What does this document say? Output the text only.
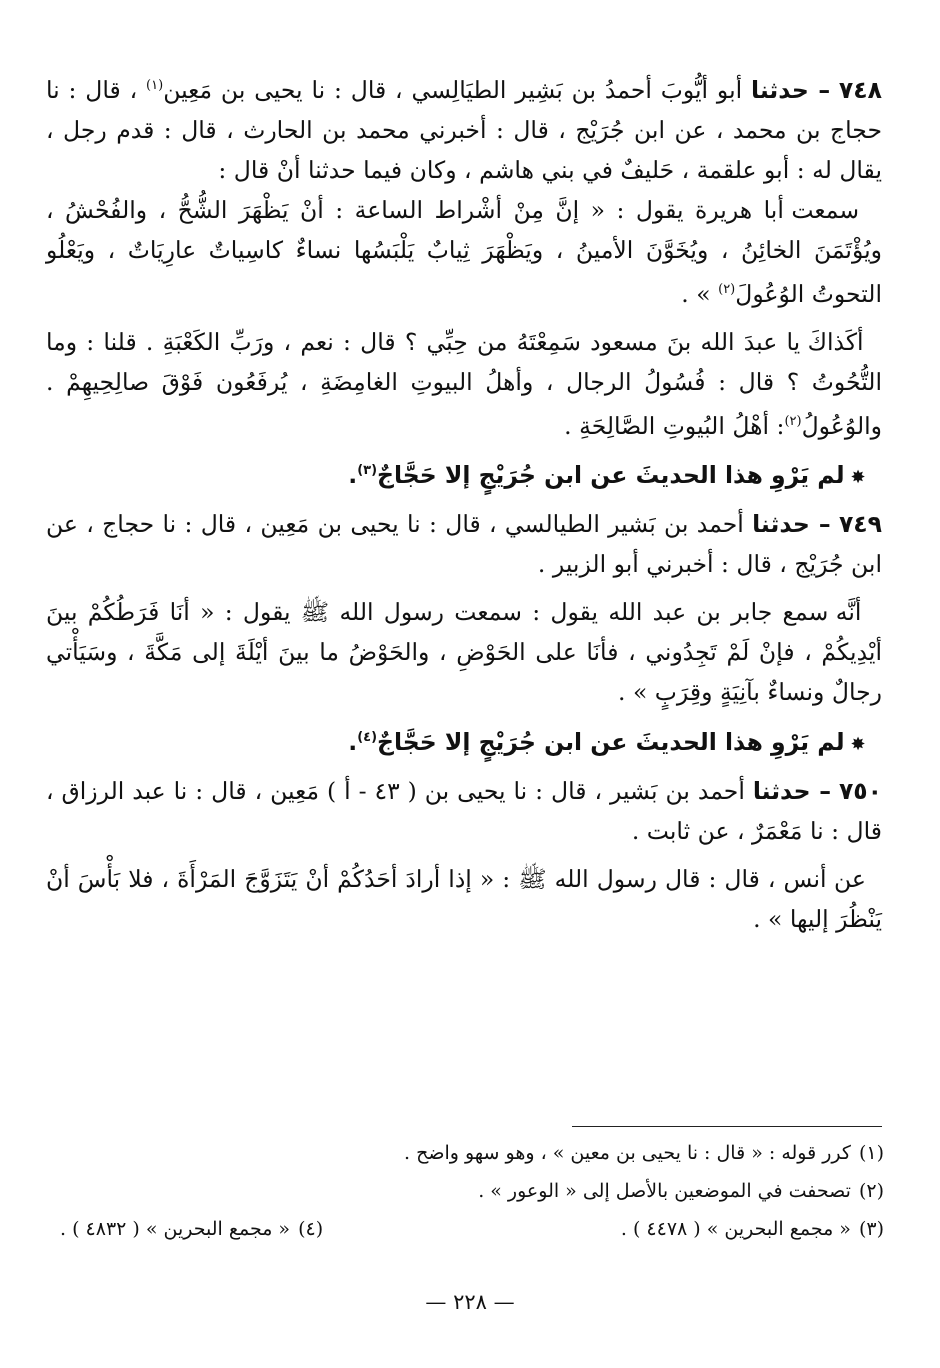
٧٤٨ – حدثنا أبو أيُّوبَ أحمدُ بن بَشِير الطيَالِسي ، قال : نا يحيى بن مَعِين$^{(١)}$ ، قال : نا حجاج بن محمد ، عن ابن جُرَيْج ، قال : أخبرني محمد بن الحارث ، قال : قدم رجل ، يقال له : أبو علقمة ، حَليفٌ في بني هاشم ، وكان فيما حدثنا أنْ قال :

سمعت أبا هريرة يقول : « إنَّ مِنْ أشْراط الساعة : أنْ يَظْهَرَ الشُّحُّ ، والفُحْشُ ، ويُؤْتَمَنَ الخائِنُ ، ويُخَوَّنَ الأمينُ ، ويَظْهَرَ ثِيابٌ يَلْبَسُها نساءٌ كاسِياتٌ عارِيَاتٌ ، ويَعْلُو التحوتُ الوُعُولَ$^{(٢)}$ » .

أكَذاكَ يا عبدَ الله بنَ مسعود سَمِعْتَهُ من حِبِّي ؟ قال : نعم ، ورَبِّ الكَعْبَةِ . قلنا : وما التُّحُوتُ ؟ قال : فُسُولُ الرجال ، وأهلُ البيوتِ الغامِضَةِ ، يُرفَعُون فَوْقَ صالِحِيهِمْ . والوُعُولُ$^{(٢)}$: أهْلُ البُيوتِ الصَّالِحَةِ .

✸لم يَرْوِ هذا الحديثَ عن ابن جُرَيْجٍ إلا حَجَّاجٌ$^{(٣)}$.

٧٤٩ – حدثنا أحمد بن بَشير الطيالسي ، قال : نا يحيى بن مَعِين ، قال : نا حجاج ، عن ابن جُرَيْج ، قال : أخبرني أبو الزبير .

أنَّه سمع جابر بن عبد الله يقول : سمعت رسول الله ﷺ يقول : « أنَا فَرَطُكُمْ بينَ أيْدِيكُمْ ، فإنْ لَمْ تَجِدُوني ، فأنَا على الحَوْضِ ، والحَوْضُ ما بينَ أيْلَةَ إلى مَكَّةَ ، وسَيَأْتي رجالٌ ونساءٌ بآنِيَةٍ وقِرَبٍ » .

✸لم يَرْوِ هذا الحديثَ عن ابن جُرَيْجٍ إلا حَجَّاجٌ$^{(٤)}$.

٧٥٠ – حدثنا أحمد بن بَشير ، قال : نا يحيى بن ( ٤٣ - أ ) مَعِين ، قال : نا عبد الرزاق ، قال : نا مَعْمَرٌ ، عن ثابت .

عن أنس ، قال : قال رسول الله ﷺ : « إذا أرادَ أحَدُكُمْ أنْ يَتَزَوَّجَ المَرْأَةَ ، فلا بَأْسَ أنْ يَنْظُرَ إليها » .

(١)
كرر قوله : « قال : نا يحيى بن معين » ، وهو سهو واضح .

(٢)
تصحفت في الموضعين بالأصل إلى « الوعور » .

(٣)
« مجمع البحرين » ( ٤٤٧٨ ) .

(٤)
« مجمع البحرين » ( ٤٨٣٢ ) .

— ٢٢٨ —
